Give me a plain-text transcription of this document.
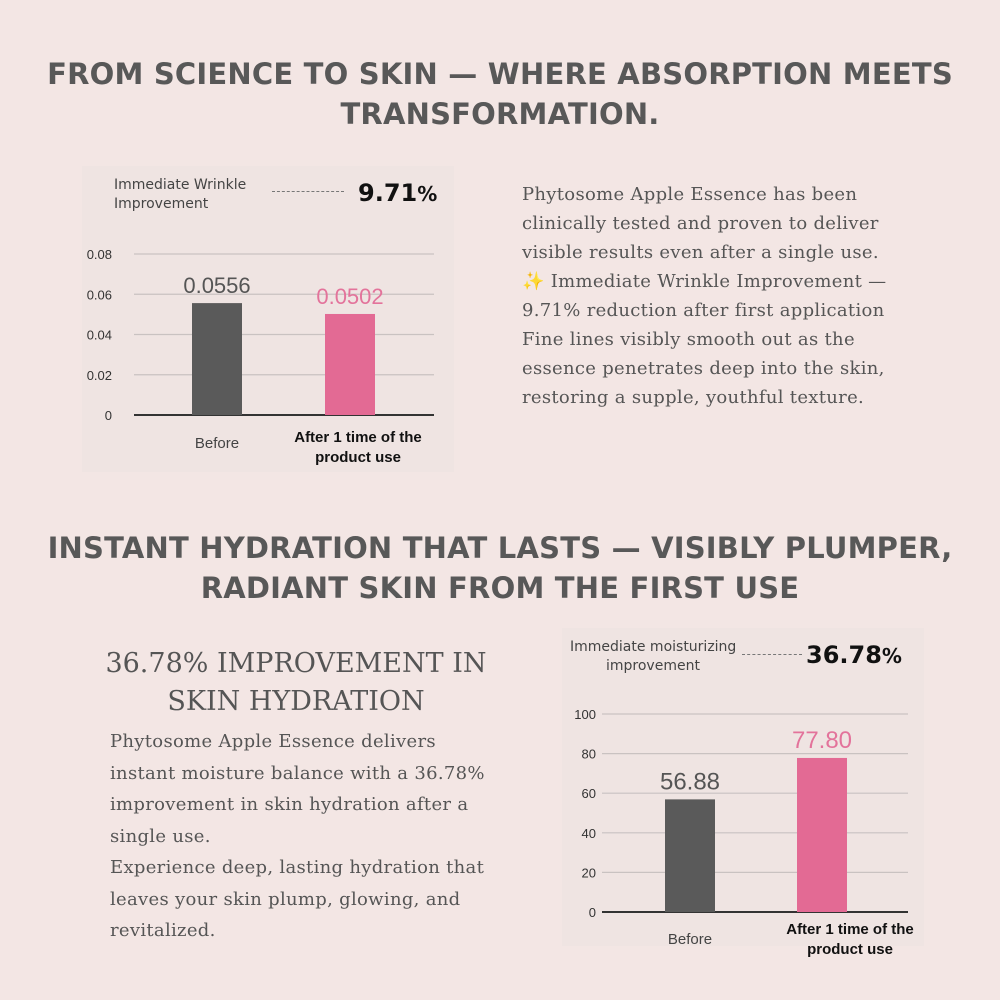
FROM SCIENCE TO SKIN — WHERE ABSORPTION MEETS
TRANSFORMATION.
Immediate Wrinkle
Improvement	9.71%
0
0.02
0.04
0.06
0.08
0.0556
Before
0.0502
After 1 time of the
product use

Phytosome Apple Essence has been

clinically tested and proven to deliver

visible results even after a single use.

✨ Immediate Wrinkle Improvement —

9.71% reduction after first application

Fine lines visibly smooth out as the

essence penetrates deep into the skin,

restoring a supple, youthful texture.

INSTANT HYDRATION THAT LASTS — VISIBLY PLUMPER,
RADIANT SKIN FROM THE FIRST USE
36.78% IMPROVEMENT IN
SKIN HYDRATION

Phytosome Apple Essence delivers

instant moisture balance with a 36.78%

improvement in skin hydration after a

single use.

Experience deep, lasting hydration that

leaves your skin plump, glowing, and

revitalized.

Immediate moisturizing
improvement	36.78%
0
20
40
60
80
100
56.88
Before
77.80
After 1 time of the
product use
